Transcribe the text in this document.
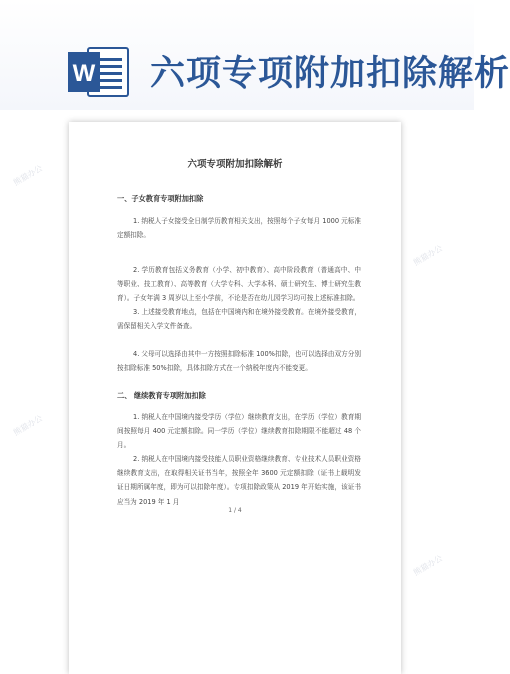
W 六项专项附加扣除解析
六项专项附加扣除解析
一、子女教育专项附加扣除

1. 纳税人子女接受全日制学历教育相关支出，按照每个子女每月 1000 元标准定额扣除。

2. 学历教育包括义务教育（小学、初中教育）、高中阶段教育（普通高中、中等职业、技工教育）、高等教育（大学专科、大学本科、硕士研究生、博士研究生教育）。子女年满 3 周岁以上至小学前，不论是否在幼儿园学习均可按上述标准扣除。

3. 上述接受教育地点，包括在中国境内和在境外接受教育。在境外接受教育，需保留相关入学文件备查。

4. 父母可以选择由其中一方按照扣除标准 100%扣除，也可以选择由双方分别按扣除标准 50%扣除，具体扣除方式在一个纳税年度内不能变更。

二、 继续教育专项附加扣除

1. 纳税人在中国境内接受学历（学位）继续教育支出，在学历（学位）教育期间按照每月 400 元定额扣除。同一学历（学位）继续教育扣除期限不能超过 48 个月。

2. 纳税人在中国境内接受技能人员职业资格继续教育、专业技术人员职业资格继续教育支出，在取得相关证书当年，按照全年 3600 元定额扣除（证书上载明发证日期所属年度，即为可以扣除年度）。专项扣除政策从 2019 年开始实施，该证书应当为 2019 年 1 月

1 / 4
熊猫办公
熊猫办公
熊猫办公
熊猫办公
